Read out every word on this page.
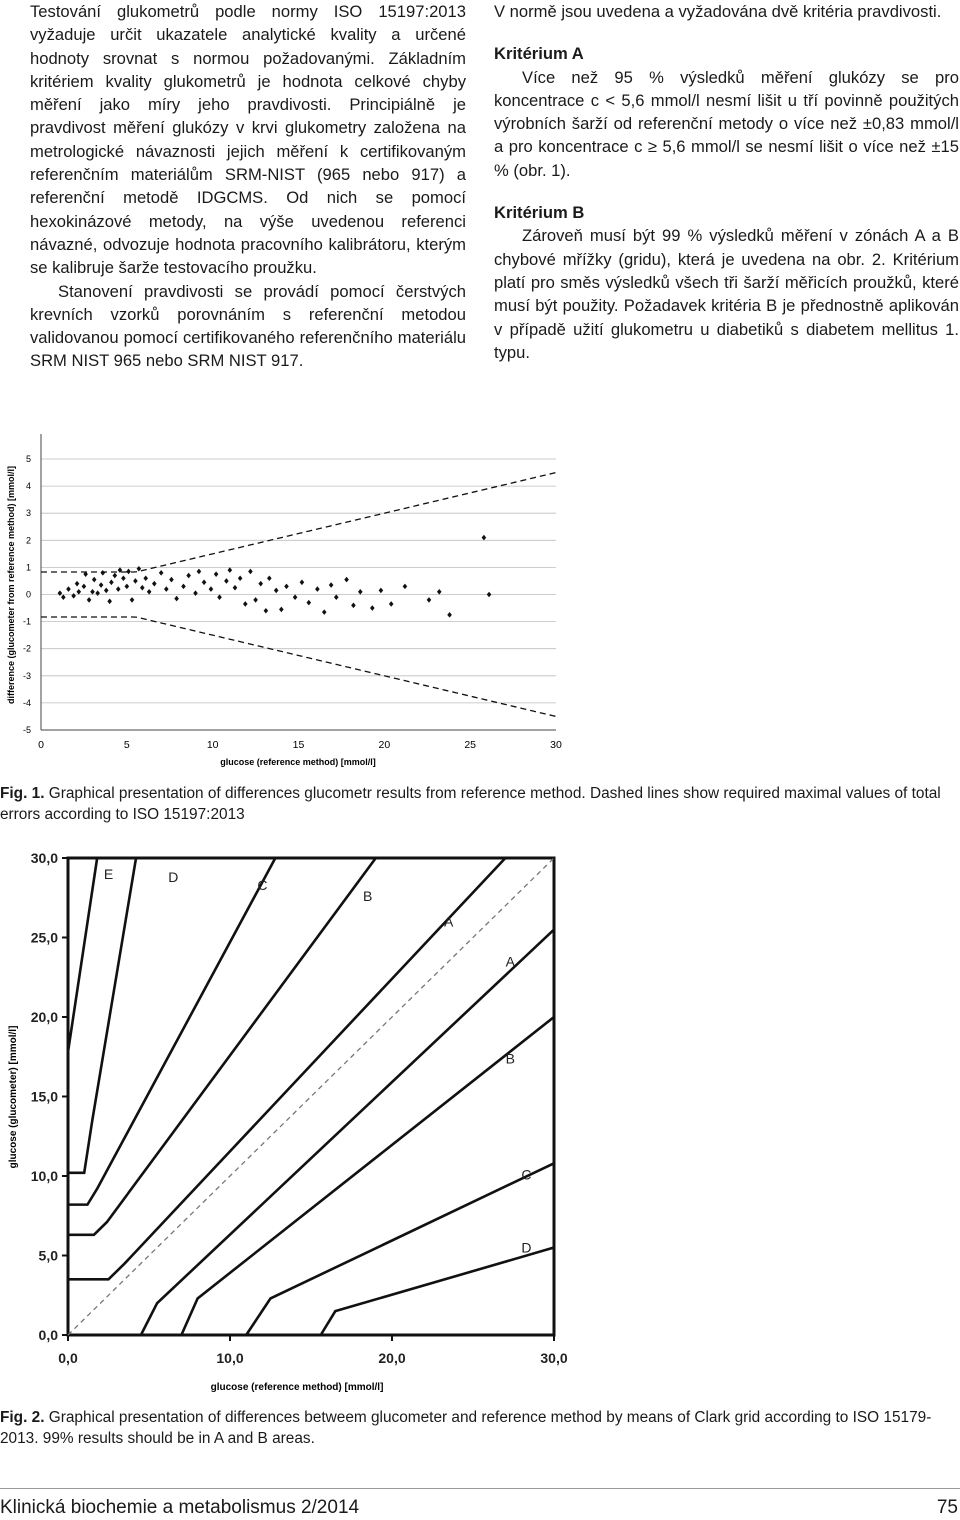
Testování glukometrů podle normy ISO 15197:2013 vyžaduje určit ukazatele analytické kvality a určené hodnoty srovnat s normou požadovanými. Základním kritériem kvality glukometrů je hodnota celkové chyby měření jako míry jeho pravdivosti. Principiálně je pravdivost měření glukózy v krvi glukometry založena na metrologické návaznosti jejich měření k certifikovaným referenčním materiálům SRM-NIST (965 nebo 917) a referenční metodě IDGCMS. Od nich se pomocí hexokinázové metody, na výše uvedenou referenci návazné, odvozuje hodnota pracovního kalibrátoru, kterým se kalibruje šarže testovacího proužku.

Stanovení pravdivosti se provádí pomocí čerstvých krevních vzorků porovnáním s referenční metodou validovanou pomocí certifikovaného referenčního materiálu SRM NIST 965 nebo SRM NIST 917.

V normě jsou uvedena a vyžadována dvě kritéria pravdivosti.

Kritérium A

Více než 95 % výsledků měření glukózy se pro koncentrace c < 5,6 mmol/l nesmí lišit u tří povinně použitých výrobních šarží od referenční metody o více než ±0,83 mmol/l a pro koncentrace c ≥ 5,6 mmol/l se nesmí lišit o více než ±15 % (obr. 1).

Kritérium B

Zároveň musí být 99 % výsledků měření v zónách A a B chybové mřížky (gridu), která je uvedena na obr. 2. Kritérium platí pro směs výsledků všech tři šarží měřicích proužků, které musí být použity. Požadavek kritéria B je přednostně aplikován v případě užití glukometru u diabetiků s diabetem mellitus 1. typu.

5
4
3
2
1
0
-1
-2
-3
-4
-5
0	5	10	15	20	25	30
glucose (reference method) [mmol/l]
difference (glucometer from reference method) [mmol/l]

Fig. 1. Graphical presentation of differences glucometr results from reference method. Dashed lines show required maximal values of total errors according to ISO 15197:2013

E	D	C
B
A
A
B
C
D
30,0
25,0
20,0
15,0
10,0
5,0
0,0
0,0	10,0	20,0	30,0
glucose (reference method) [mmol/l]
glucose (glucometer) [mmol/l]

Fig. 2. Graphical presentation of differences betweem glucometer and reference method by means of Clark grid according to ISO 15179-2013. 99% results should be in A and B areas.

Klinická biochemie a metabolismus 2/2014	75
